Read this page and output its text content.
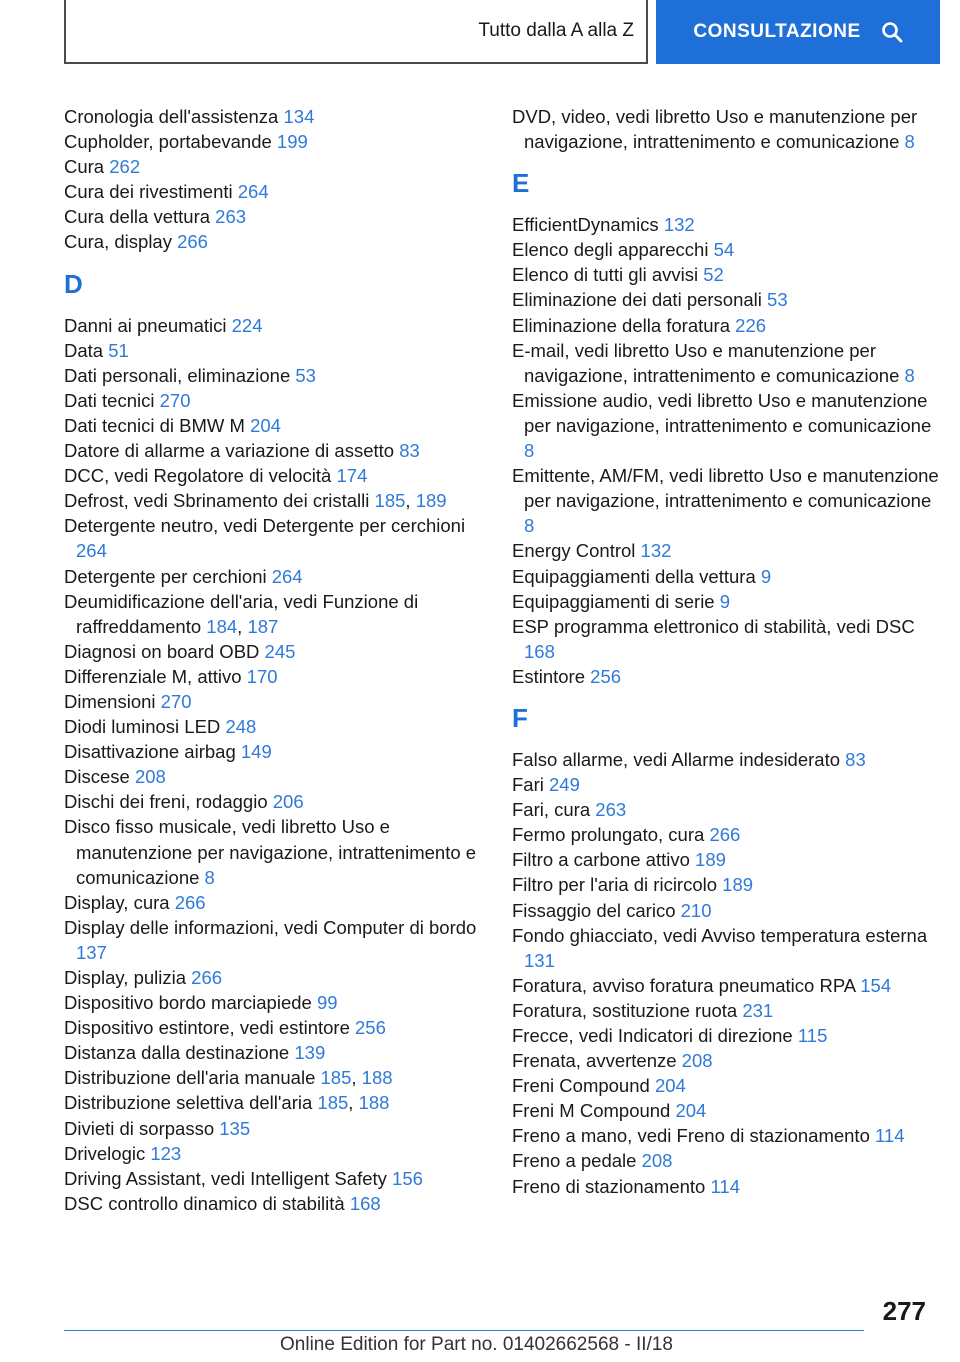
Tutto dalla A alla Z	CONSULTAZIONE
Cronologia dell'assistenza 134
Cupholder, portabevande 199
Cura 262
Cura dei rivestimenti 264
Cura della vettura 263
Cura, display 266
D
Danni ai pneumatici 224
Data 51
Dati personali, eliminazione 53
Dati tecnici 270
Dati tecnici di BMW M 204
Datore di allarme a variazione di assetto 83
DCC, vedi Regolatore di velocità 174
Defrost, vedi Sbrinamento dei cristalli 185, 189
Detergente neutro, vedi Detergente per cerchioni 264
Detergente per cerchioni 264
Deumidificazione dell'aria, vedi Funzione di raffreddamento 184, 187
Diagnosi on board OBD 245
Differenziale M, attivo 170
Dimensioni 270
Diodi luminosi LED 248
Disattivazione airbag 149
Discese 208
Dischi dei freni, rodaggio 206
Disco fisso musicale, vedi libretto Uso e manutenzione per navigazione, intrattenimento e comunicazione 8
Display, cura 266
Display delle informazioni, vedi Computer di bordo 137
Display, pulizia 266
Dispositivo bordo marciapiede 99
Dispositivo estintore, vedi estintore 256
Distanza dalla destinazione 139
Distribuzione dell'aria manuale 185, 188
Distribuzione selettiva dell'aria 185, 188
Divieti di sorpasso 135
Drivelogic 123
Driving Assistant, vedi Intelligent Safety 156
DSC controllo dinamico di stabilità 168
DVD, video, vedi libretto Uso e manutenzione per navigazione, intrattenimento e comunicazione 8
E
EfficientDynamics 132
Elenco degli apparecchi 54
Elenco di tutti gli avvisi 52
Eliminazione dei dati personali 53
Eliminazione della foratura 226
E-mail, vedi libretto Uso e manutenzione per navigazione, intrattenimento e comunicazione 8
Emissione audio, vedi libretto Uso e manutenzione per navigazione, intrattenimento e comunicazione 8
Emittente, AM/FM, vedi libretto Uso e manutenzione per navigazione, intrattenimento e comunicazione 8
Energy Control 132
Equipaggiamenti della vettura 9
Equipaggiamenti di serie 9
ESP programma elettronico di stabilità, vedi DSC 168
Estintore 256
F
Falso allarme, vedi Allarme indesiderato 83
Fari 249
Fari, cura 263
Fermo prolungato, cura 266
Filtro a carbone attivo 189
Filtro per l'aria di ricircolo 189
Fissaggio del carico 210
Fondo ghiacciato, vedi Avviso temperatura esterna 131
Foratura, avviso foratura pneumatico RPA 154
Foratura, sostituzione ruota 231
Frecce, vedi Indicatori di direzione 115
Frenata, avvertenze 208
Freni Compound 204
Freni M Compound 204
Freno a mano, vedi Freno di stazionamento 114
Freno a pedale 208
Freno di stazionamento 114
277
Online Edition for Part no. 01402662568 - II/18
